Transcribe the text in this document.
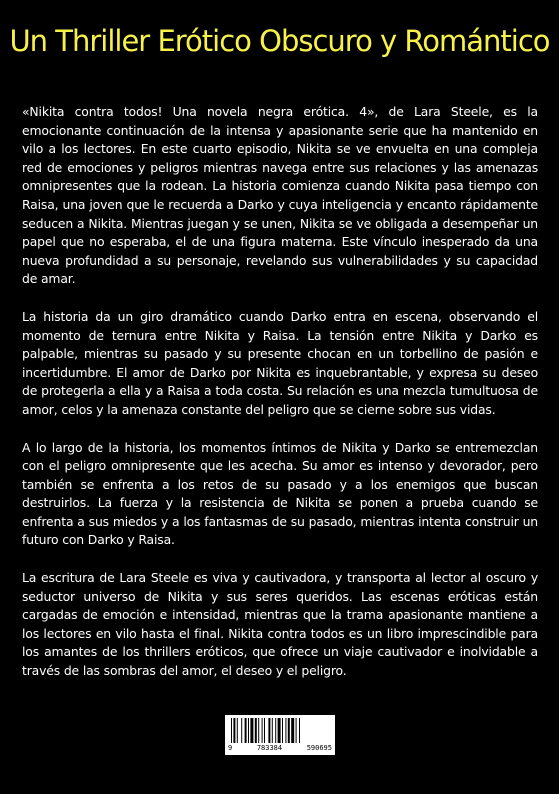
Un Thriller Erótico Obscuro y Romántico

«Nikita contra todos! Una novela negra erótica. 4», de Lara Steele, es la emocionante continuación de la intensa y apasionante serie que ha mantenido en vilo a los lectores. En este cuarto episodio, Nikita se ve envuelta en una compleja red de emociones y peligros mientras navega entre sus relaciones y las amenazas omnipresentes que la rodean. La historia comienza cuando Nikita pasa tiempo con Raisa, una joven que le recuerda a Darko y cuya inteligencia y encanto rápidamente seducen a Nikita. Mientras juegan y se unen, Nikita se ve obligada a desempeñar un papel que no esperaba, el de una figura materna. Este vínculo inesperado da una nueva profundidad a su personaje, revelando sus vulnerabilidades y su capacidad de amar.

La historia da un giro dramático cuando Darko entra en escena, observando el momento de ternura entre Nikita y Raisa. La tensión entre Nikita y Darko es palpable, mientras su pasado y su presente chocan en un torbellino de pasión e incertidumbre. El amor de Darko por Nikita es inquebrantable, y expresa su deseo de protegerla a ella y a Raisa a toda costa. Su relación es una mezcla tumultuosa de amor, celos y la amenaza constante del peligro que se cierne sobre sus vidas.

A lo largo de la historia, los momentos íntimos de Nikita y Darko se entremezclan con el peligro omnipresente que les acecha. Su amor es intenso y devorador, pero también se enfrenta a los retos de su pasado y a los enemigos que buscan destruirlos. La fuerza y la resistencia de Nikita se ponen a prueba cuando se enfrenta a sus miedos y a los fantasmas de su pasado, mientras intenta construir un futuro con Darko y Raisa.

La escritura de Lara Steele es viva y cautivadora, y transporta al lector al oscuro y seductor universo de Nikita y sus seres queridos. Las escenas eróticas están cargadas de emoción e intensidad, mientras que la trama apasionante mantiene a los lectores en vilo hasta el final. Nikita contra todos es un libro imprescindible para los amantes de los thrillers eróticos, que ofrece un viaje cautivador e inolvidable a través de las sombras del amor, el deseo y el peligro.

9	783384	590695
